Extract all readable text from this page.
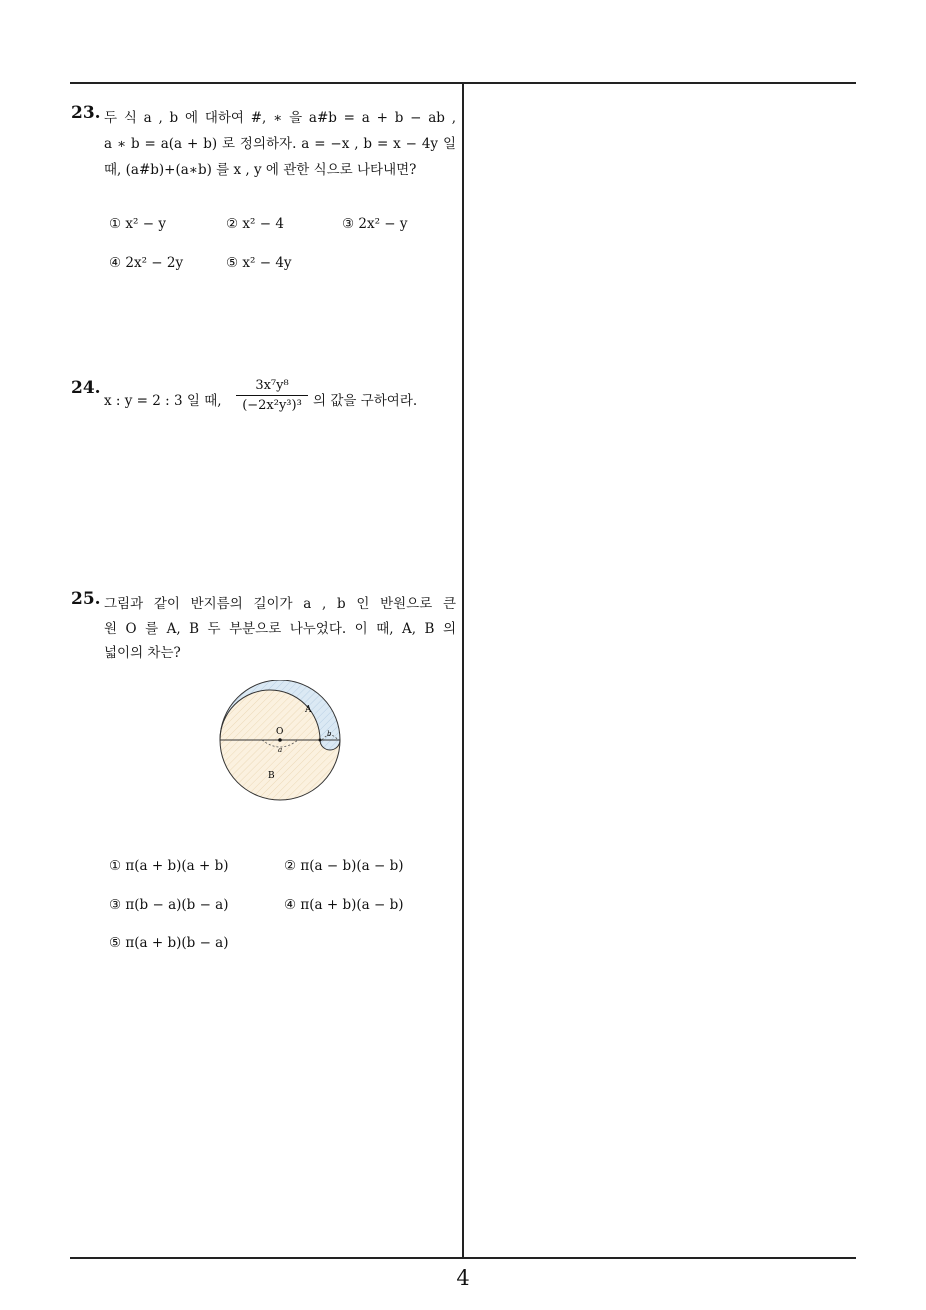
23. 두 식 a , b 에 대하여 #, ∗ 을 a#b = a + b − ab ,
a ∗ b = a(a + b) 로 정의하자. a = −x , b = x − 4y 일
때, (a#b)+(a∗b) 를 x , y 에 관한 식으로 나타내면?
① x² − y	② x² − 4	③ 2x² − y
④ 2x² − 2y	⑤ x² − 4y
24.
x : y = 2 : 3 일 때,
3x⁷y⁸
(−2x²y³)³ 의 값을 구하여라.
25. 그림과 같이 반지름의 길이가 a , b 인 반원으로 큰
원 O 를 A, B 두 부분으로 나누었다. 이 때, A, B 의
넓이의 차는?
O
A
B
a
b
① π(a + b)(a + b)	② π(a − b)(a − b)
③ π(b − a)(b − a)	④ π(a + b)(a − b)
⑤ π(a + b)(b − a)
4
